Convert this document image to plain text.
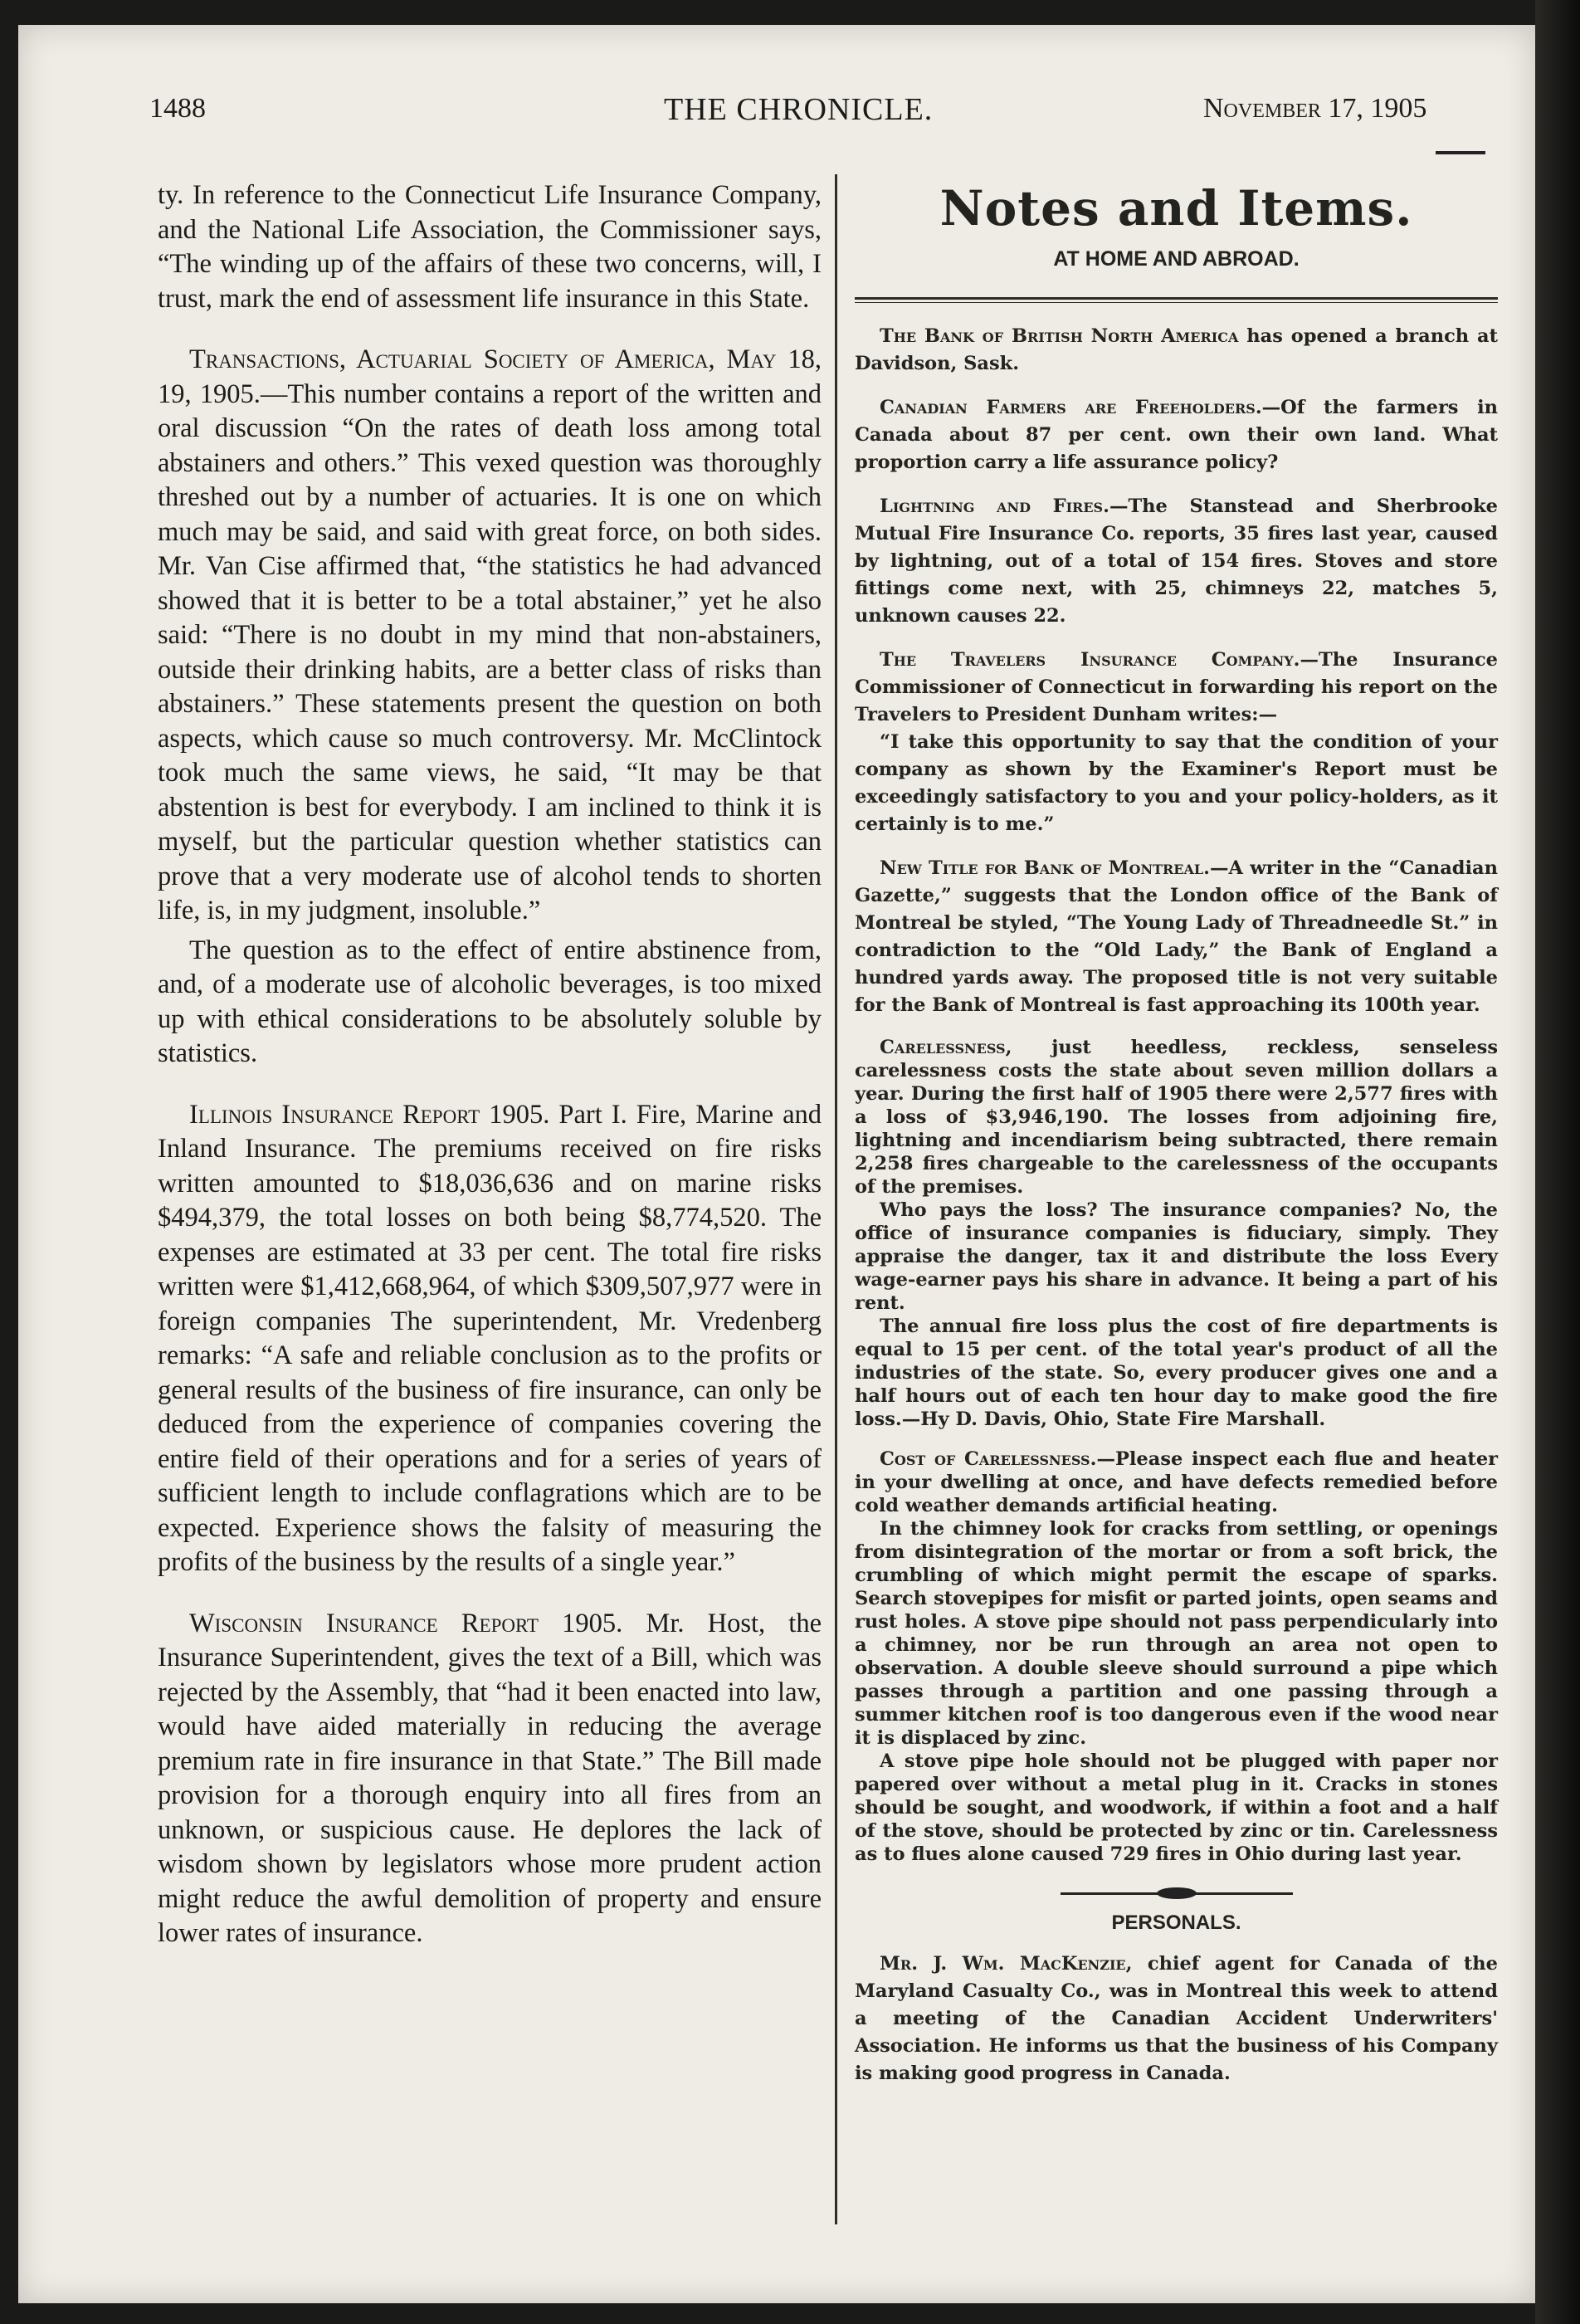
1488	THE CHRONICLE.	November 17, 1905

ty. In reference to the Connecticut Life Insurance Company, and the National Life Association, the Commissioner says, “The winding up of the affairs of these two concerns, will, I trust, mark the end of assessment life insurance in this State.

Transactions, Actuarial Society of America, May 18, 19, 1905.—This number contains a report of the written and oral discussion “On the rates of death loss among total abstainers and others.” This vexed question was thoroughly threshed out by a number of actuaries. It is one on which much may be said, and said with great force, on both sides. Mr. Van Cise affirmed that, “the statistics he had advanced showed that it is better to be a total abstainer,” yet he also said: “There is no doubt in my mind that non-abstainers, outside their drinking habits, are a better class of risks than abstainers.” These statements present the question on both aspects, which cause so much controversy. Mr. McClintock took much the same views, he said, “It may be that abstention is best for everybody. I am inclined to think it is myself, but the particular question whether statistics can prove that a very moderate use of alcohol tends to shorten life, is, in my judgment, insoluble.”

The question as to the effect of entire abstinence from, and, of a moderate use of alcoholic beverages, is too mixed up with ethical considerations to be absolutely soluble by statistics.

Illinois Insurance Report 1905. Part I. Fire, Marine and Inland Insurance. The premiums received on fire risks written amounted to $18,036,636 and on marine risks $494,379, the total losses on both being $8,774,520. The expenses are estimated at 33 per cent. The total fire risks written were $1,412,668,964, of which $309,507,977 were in foreign companies The superintendent, Mr. Vredenberg remarks: “A safe and reliable conclusion as to the profits or general results of the business of fire insurance, can only be deduced from the experience of companies covering the entire field of their operations and for a series of years of sufficient length to include conflagrations which are to be expected. Experience shows the falsity of measuring the profits of the business by the results of a single year.”

Wisconsin Insurance Report 1905. Mr. Host, the Insurance Superintendent, gives the text of a Bill, which was rejected by the Assembly, that “had it been enacted into law, would have aided materially in reducing the average premium rate in fire insurance in that State.” The Bill made provision for a thorough enquiry into all fires from an unknown, or suspicious cause. He deplores the lack of wisdom shown by legislators whose more prudent action might reduce the awful demolition of property and ensure lower rates of insurance.

Notes and Items.
AT HOME AND ABROAD.

The Bank of British North America has opened a branch at Davidson, Sask.

Canadian Farmers are Freeholders.—Of the farmers in Canada about 87 per cent. own their own land. What proportion carry a life assurance policy?

Lightning and Fires.—The Stanstead and Sherbrooke Mutual Fire Insurance Co. reports, 35 fires last year, caused by lightning, out of a total of 154 fires. Stoves and store fittings come next, with 25, chimneys 22, matches 5, unknown causes 22.

The Travelers Insurance Company.—The Insurance Commissioner of Connecticut in forwarding his report on the Travelers to President Dunham writes:—

“I take this opportunity to say that the condition of your company as shown by the Examiner's Report must be exceedingly satisfactory to you and your policy-holders, as it certainly is to me.”

New Title for Bank of Montreal.—A writer in the “Canadian Gazette,” suggests that the London office of the Bank of Montreal be styled, “The Young Lady of Threadneedle St.” in contradiction to the “Old Lady,” the Bank of England a hundred yards away. The proposed title is not very suitable for the Bank of Montreal is fast approaching its 100th year.

Carelessness, just heedless, reckless, senseless carelessness costs the state about seven million dollars a year. During the first half of 1905 there were 2,577 fires with a loss of $3,946,190. The losses from adjoining fire, lightning and incendiarism being subtracted, there remain 2,258 fires chargeable to the carelessness of the occupants of the premises.

Who pays the loss? The insurance companies? No, the office of insurance companies is fiduciary, simply. They appraise the danger, tax it and distribute the loss Every wage-earner pays his share in advance. It being a part of his rent.

The annual fire loss plus the cost of fire departments is equal to 15 per cent. of the total year's product of all the industries of the state. So, every producer gives one and a half hours out of each ten hour day to make good the fire loss.—Hy D. Davis, Ohio, State Fire Marshall.

Cost of Carelessness.—Please inspect each flue and heater in your dwelling at once, and have defects remedied before cold weather demands artificial heating.

In the chimney look for cracks from settling, or openings from disintegration of the mortar or from a soft brick, the crumbling of which might permit the escape of sparks. Search stovepipes for misfit or parted joints, open seams and rust holes. A stove pipe should not pass perpendicularly into a chimney, nor be run through an area not open to observation. A double sleeve should surround a pipe which passes through a partition and one passing through a summer kitchen roof is too dangerous even if the wood near it is displaced by zinc.

A stove pipe hole should not be plugged with paper nor papered over without a metal plug in it. Cracks in stones should be sought, and woodwork, if within a foot and a half of the stove, should be protected by zinc or tin. Carelessness as to flues alone caused 729 fires in Ohio during last year.

PERSONALS.

Mr. J. Wm. MacKenzie, chief agent for Canada of the Maryland Casualty Co., was in Montreal this week to attend a meeting of the Canadian Accident Underwriters' Association. He informs us that the business of his Company is making good progress in Canada.
